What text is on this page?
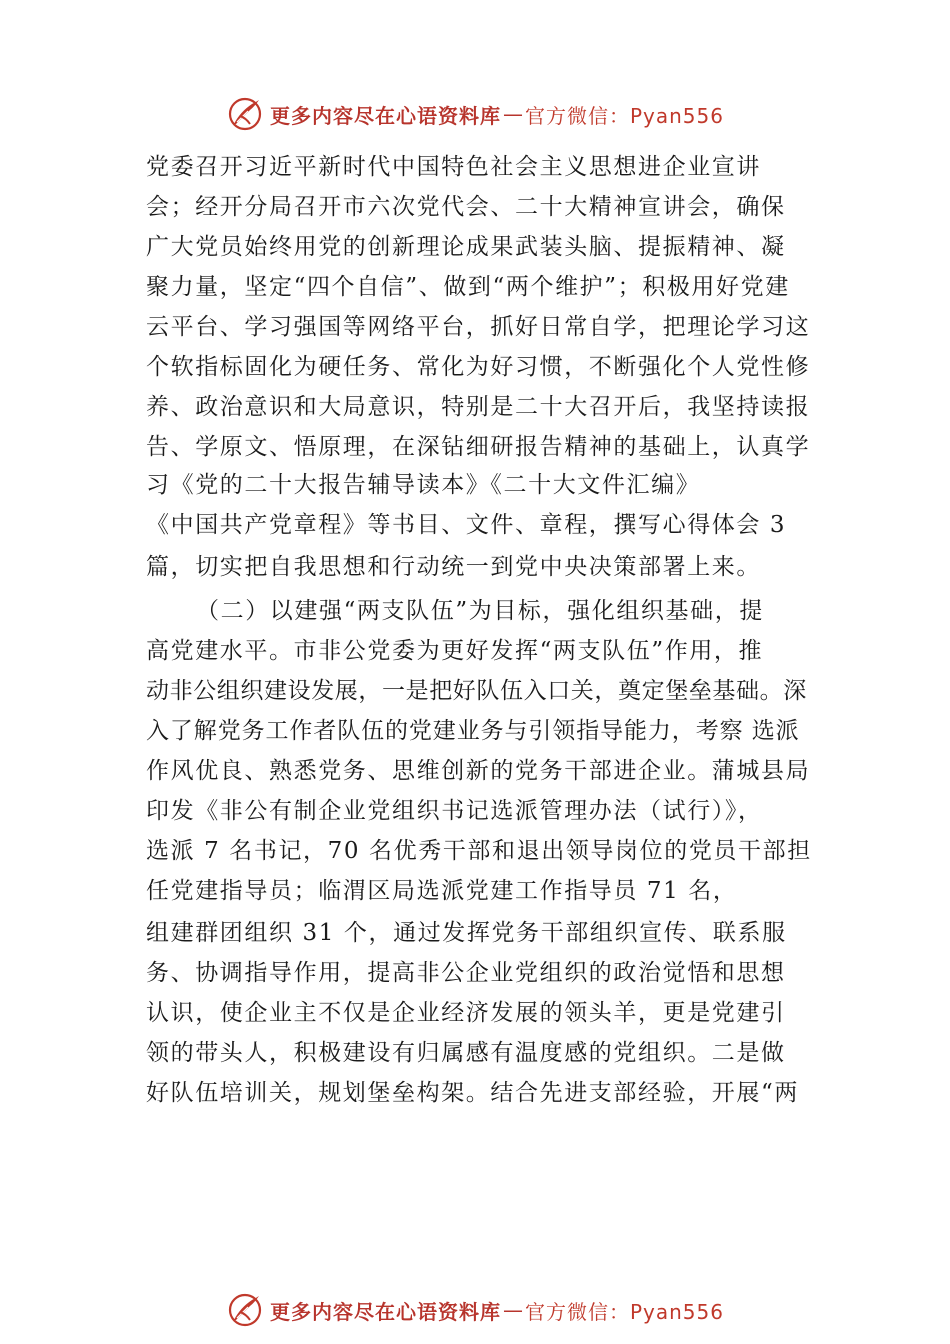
更多内容尽在心语资料库 — 官方微信：Pyan556
党委召开习近平新时代中国特色社会主义思想进企业宣讲
会；经开分局召开市六次党代会、二十大精神宣讲会，确保
广大党员始终用党的创新理论成果武装头脑、提振精神、凝
聚力量，坚定“四个自信”、做到“两个维护”；积极用好党建
云平台、学习强国等网络平台，抓好日常自学，把理论学习这
个软指标固化为硬任务、常化为好习惯，不断强化个人党性修
养、政治意识和大局意识，特别是二十大召开后，我坚持读报
告、学原文、悟原理，在深钻细研报告精神的基础上，认真学
习《党的二十大报告辅导读本》《二十大文件汇编》
《中国共产党章程》等书目、文件、章程，撰写心得体会 3
篇，切实把自我思想和行动统一到党中央决策部署上来。
（二）以建强“两支队伍”为目标，强化组织基础，提
高党建水平。市非公党委为更好发挥“两支队伍”作用，推
动非公组织建设发展，一是把好队伍入口关，奠定堡垒基础。深
入了解党务工作者队伍的党建业务与引领指导能力，考察 选派
作风优良、熟悉党务、思维创新的党务干部进企业。蒲城县局
印发《非公有制企业党组织书记选派管理办法（试行）》，
选派 7 名书记，70 名优秀干部和退出领导岗位的党员干部担
任党建指导员；临渭区局选派党建工作指导员 71 名，
组建群团组织 31 个，通过发挥党务干部组织宣传、联系服
务、协调指导作用，提高非公企业党组织的政治觉悟和思想
认识，使企业主不仅是企业经济发展的领头羊，更是党建引
领的带头人，积极建设有归属感有温度感的党组织。二是做
好队伍培训关，规划堡垒构架。结合先进支部经验，开展“两
更多内容尽在心语资料库 — 官方微信：Pyan556
